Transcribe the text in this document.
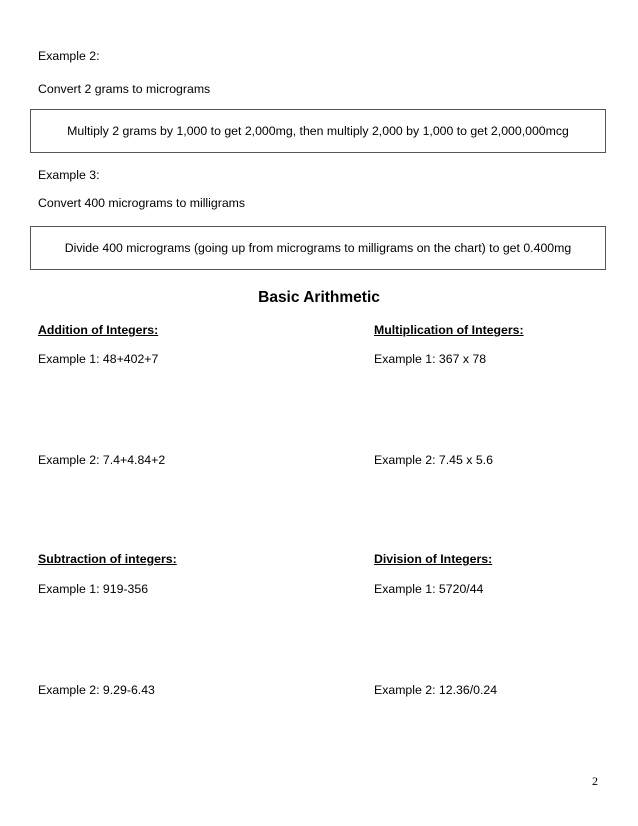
Example 2:
Convert 2 grams to micrograms
Multiply 2 grams by 1,000 to get 2,000mg, then multiply 2,000 by 1,000 to get 2,000,000mcg
Example 3:
Convert 400 micrograms to milligrams
Divide 400 micrograms (going up from micrograms to milligrams on the chart) to get 0.400mg
Basic Arithmetic
Addition of Integers:
Example 1: 48+402+7
Example 2: 7.4+4.84+2
Multiplication of Integers:
Example 1: 367 x 78
Example 2: 7.45 x 5.6
Subtraction of integers:
Example 1: 919-356
Example 2: 9.29-6.43
Division of Integers:
Example 1: 5720/44
Example 2: 12.36/0.24
2
